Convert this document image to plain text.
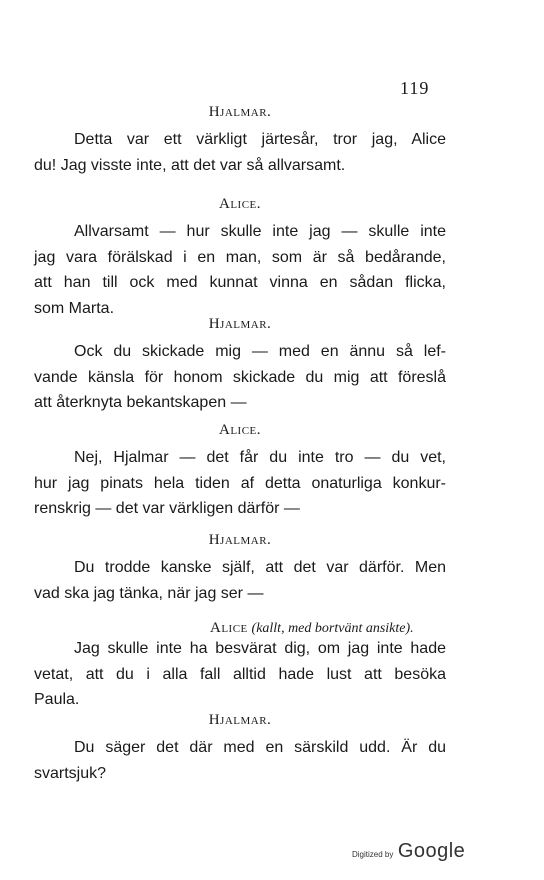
119

Hjalmar.

Detta var ett värkligt järtesår, tror jag, Alice
du! Jag visste inte, att det var så allvarsamt.

Alice.

Allvarsamt — hur skulle inte jag — skulle inte
jag vara förälskad i en man, som är så bedårande,
att han till ock med kunnat vinna en sådan flicka,
som Marta.

Hjalmar.

Ock du skickade mig — med en ännu så lef-
vande känsla för honom skickade du mig att föreslå
att återknyta bekantskapen —

Alice.

Nej, Hjalmar — det får du inte tro — du vet,
hur jag pinats hela tiden af detta onaturliga konkur-
renskrig — det var värkligen därför —

Hjalmar.

Du trodde kanske själf, att det var därför. Men
vad ska jag tänka, när jag ser —

Alice (kallt, med bortvänt ansikte).

Jag skulle inte ha besvärat dig, om jag inte hade
vetat, att du i alla fall alltid hade lust att besöka
Paula.

Hjalmar.

Du säger det där med en särskild udd. Är du
svartsjuk?

Digitized by Google
